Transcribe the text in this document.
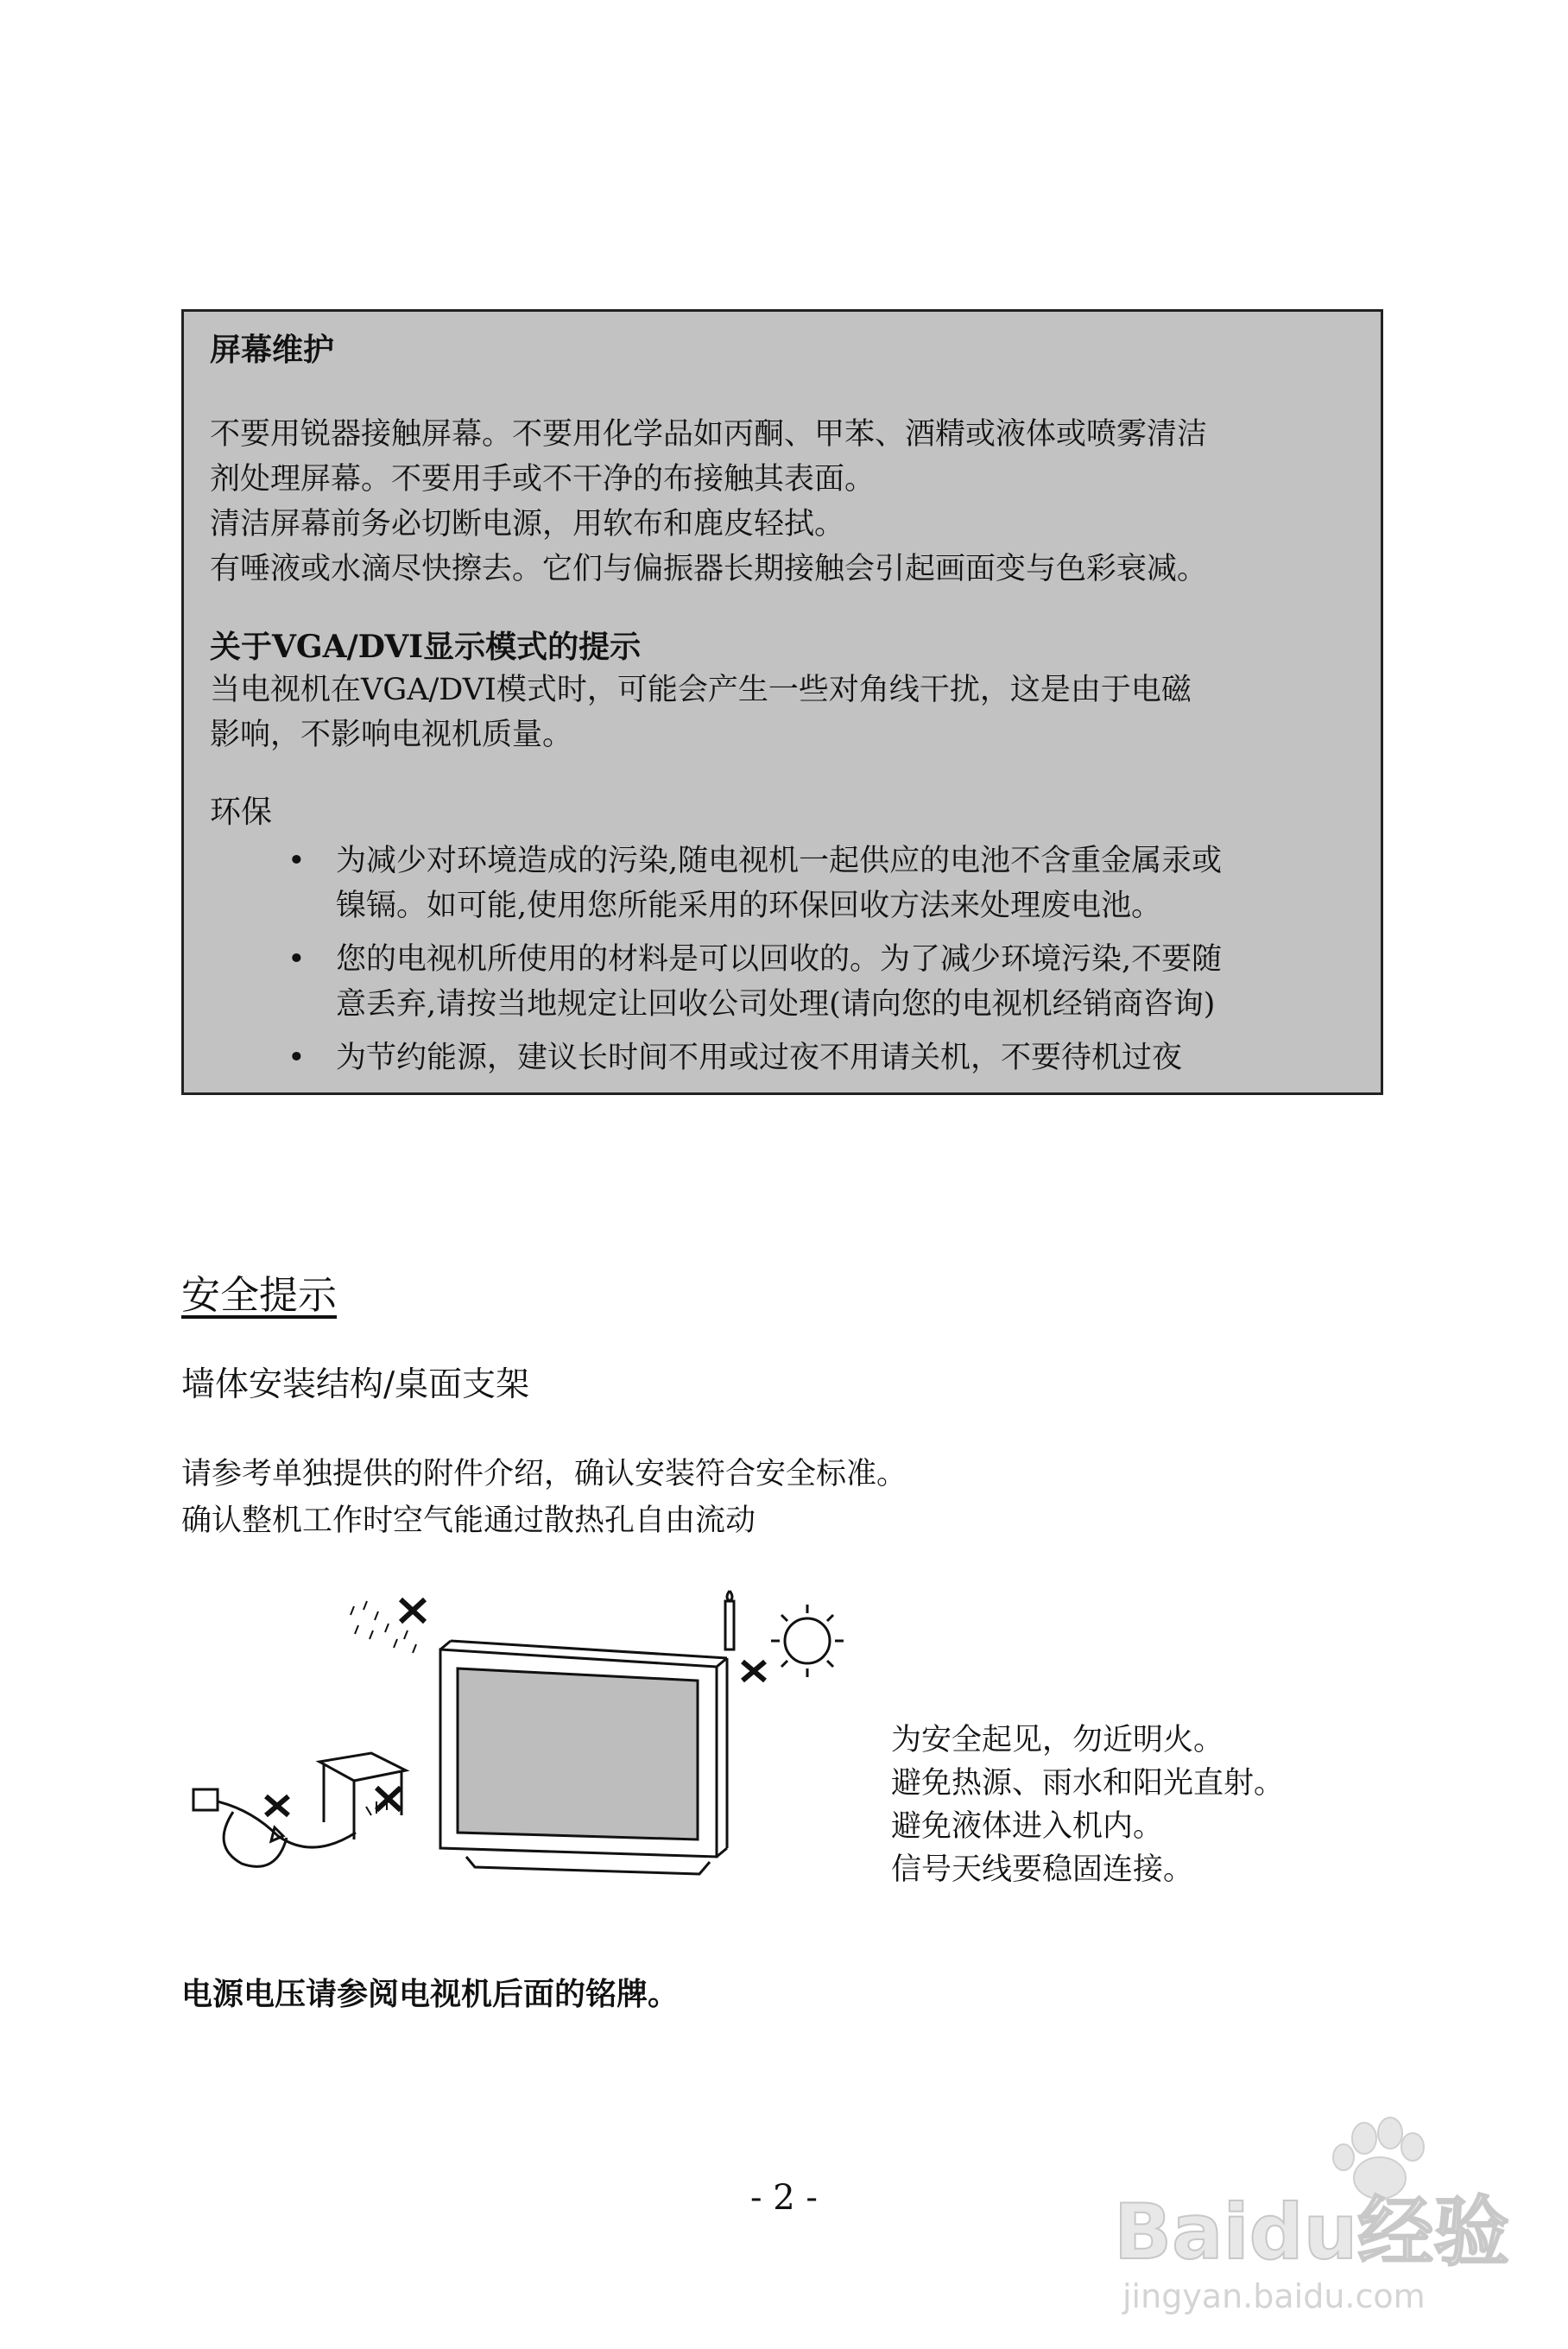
屏幕维护

不要用锐器接触屏幕。不要用化学品如丙酮、甲苯、酒精或液体或喷雾清洁

剂处理屏幕。不要用手或不干净的布接触其表面。

清洁屏幕前务必切断电源，用软布和鹿皮轻拭。

有唾液或水滴尽快擦去。它们与偏振器长期接触会引起画面变与色彩衰减。

关于VGA/DVI显示模式的提示

当电视机在VGA/DVI模式时，可能会产生一些对角线干扰，这是由于电磁

影响，不影响电视机质量。

环保

• 为减少对环境造成的污染,随电视机一起供应的电池不含重金属汞或
镍镉。如可能,使用您所能采用的环保回收方法来处理废电池。
• 您的电视机所使用的材料是可以回收的。为了减少环境污染,不要随
意丢弃,请按当地规定让回收公司处理(请向您的电视机经销商咨询)
• 为节约能源，建议长时间不用或过夜不用请关机，不要待机过夜
安全提示
墙体安装结构/桌面支架
请参考单独提供的附件介绍，确认安装符合安全标准。
确认整机工作时空气能通过散热孔自由流动
为安全起见，勿近明火。
避免热源、雨水和阳光直射。
避免液体进入机内。
信号天线要稳固连接。

电源电压请参阅电视机后面的铭牌。

- 2 -	Baidu经验
jingyan.baidu.com
